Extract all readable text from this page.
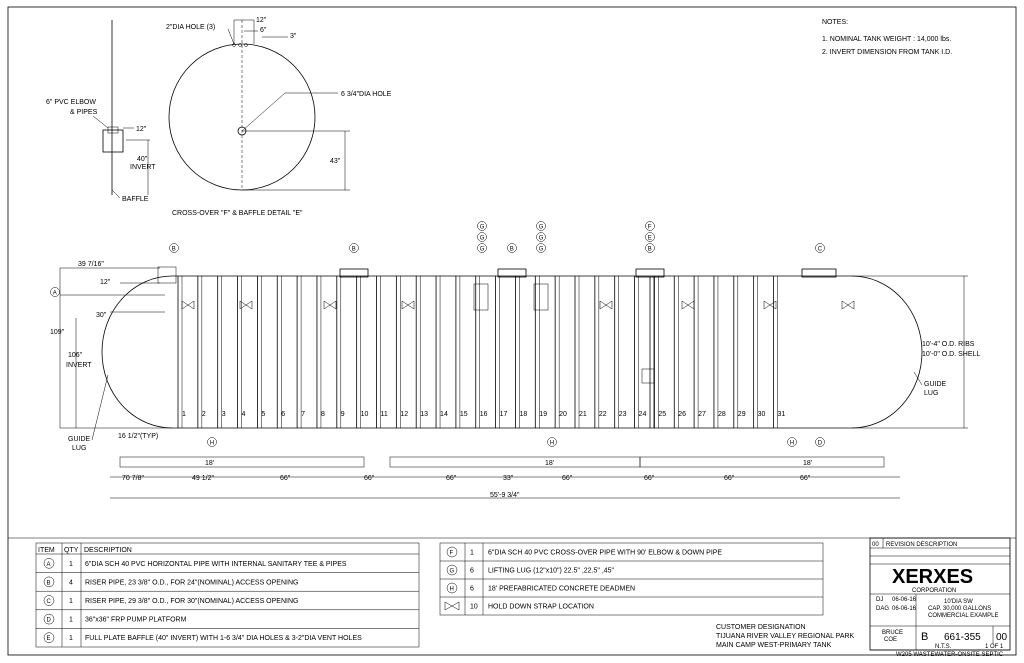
NOTES:
1. NOMINAL TANK WEIGHT : 14,000 lbs.
2. INVERT DIMENSION FROM TANK I.D.
6 3/4"DIA HOLE
2"DIA HOLE (3)
12"
6"
3"
43"
6" PVC ELBOW
& PIPES
12"
40"
INVERT
BAFFLE
CROSS-OVER "F" & BAFFLE DETAIL "E"
1 2 3 4 5 6 7 8 9 10 11 12 13 14 15 16 17 18 19 20 21 22 23 24 25 26 27 28 29 30 31
39 7/16"
12"
30"
109"
106"
INVERT
GUIDE
LUG
10'-4" O.D. RIBS
10'-0" O.D. SHELL
GUIDE
LUG
16 1/2"(TYP)
18'	18'	18'
70 7/8"	49 1/2"	66"	66"	66"	33"	66"	66"	66"	66"
55'-9 3/4"
B	B	B	B	C
G
G
G
G
G
G
F
E
A
H	H	H	D
ITEM QTY DESCRIPTION
A	1 6"DIA SCH 40 PVC HORIZONTAL PIPE WITH INTERNAL SANITARY TEE & PIPES
B	4 RISER PIPE, 23 3/8" O.D., FOR 24"(NOMINAL) ACCESS OPENING
C	1 RISER PIPE, 29 3/8" O.D., FOR 30"(NOMINAL) ACCESS OPENING
D	1 36"x36" FRP PUMP PLATFORM
E	1 FULL PLATE BAFFLE (40" INVERT) WITH 1-6 3/4" DIA HOLES & 3-2"DIA VENT HOLES
F 1 6"DIA SCH 40 PVC CROSS-OVER PIPE WITH 90' ELBOW & DOWN PIPE
G 6 LIFTING LUG (12"x10") 22.5" ,22.5" ,45"
H 6 18' PREFABRICATED CONCRETE DEADMEN
10 HOLD DOWN STRAP LOCATION
CUSTOMER DESIGNATION
TIJUANA RIVER VALLEY REGIONAL PARK
MAIN CAMP WEST-PRIMARY TANK
00 REVISION DESCRIPTION
XERXES
CORPORATION
DJ 06-06-16
DAG 06-06-16
10'DIA SW
CAP. 30,000 GALLONS
COMMERCIAL EXAMPLE
BRUCE
COE B 661-355 00
N.T.S.	1 OF 1
W205 WASTEWATER-ONSITE SEPTIC
